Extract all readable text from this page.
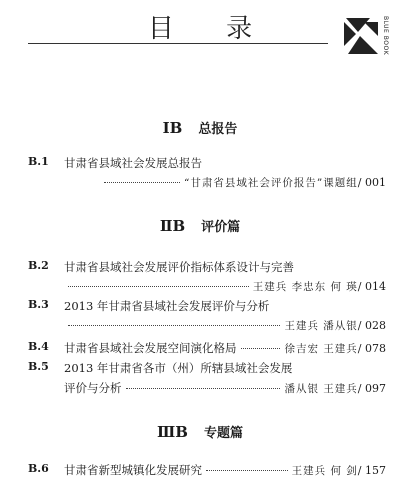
目 录	BLUE BOOK
ⅠB 总报告
B.1 甘肃省县域社会发展总报告
“甘肃省县域社会评价报告”课题组 / 001
ⅡB 评价篇
B.2 甘肃省县域社会发展评价指标体系设计与完善
王建兵 李忠东 何 瑛 / 014
B.3 2013 年甘肃省县域社会发展评价与分析
王建兵 潘从银 / 028
B.4 甘肃省县域社会发展空间演化格局	徐吉宏 王建兵 / 078
B.5 2013 年甘肃省各市（州）所辖县域社会发展
评价与分析	潘从银 王建兵 / 097
ⅢB 专题篇
B.6 甘肃省新型城镇化发展研究	王建兵 何 剑 / 157
